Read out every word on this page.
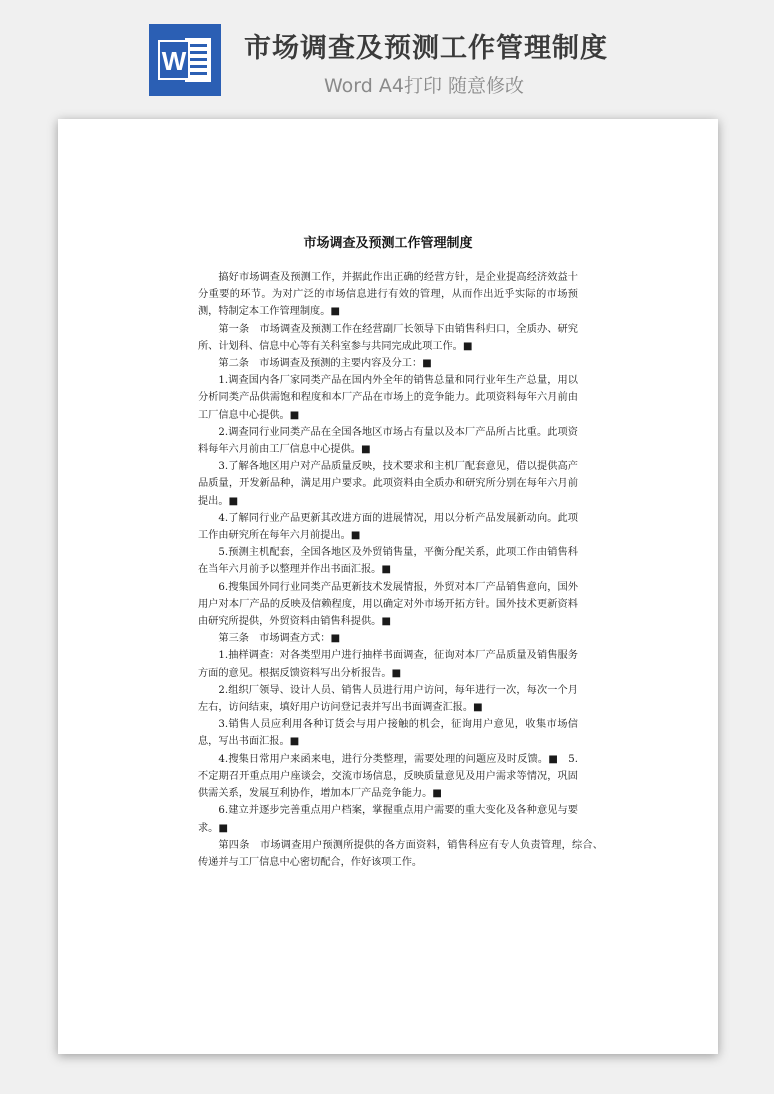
W 市场调查及预测工作管理制度
Word A4打印 随意修改
市场调查及预测工作管理制度

搞好市场调查及预测工作，并据此作出正确的经营方针，是企业提高经济效益十分重要的环节。为对广泛的市场信息进行有效的管理，从而作出近乎实际的市场预测，特制定本工作管理制度。■

第一条　市场调查及预测工作在经营副厂长领导下由销售科归口，全质办、研究所、计划科、信息中心等有关科室参与共同完成此项工作。■

第二条　市场调查及预测的主要内容及分工：■

1.调查国内各厂家同类产品在国内外全年的销售总量和同行业年生产总量，用以分析同类产品供需饱和程度和本厂产品在市场上的竞争能力。此项资料每年六月前由工厂信息中心提供。■

2.调查同行业同类产品在全国各地区市场占有量以及本厂产品所占比重。此项资料每年六月前由工厂信息中心提供。■

3.了解各地区用户对产品质量反映，技术要求和主机厂配套意见，借以提供高产品质量，开发新品种，满足用户要求。此项资料由全质办和研究所分别在每年六月前提出。■

4.了解同行业产品更新其改进方面的进展情况，用以分析产品发展新动向。此项工作由研究所在每年六月前提出。■

5.预测主机配套，全国各地区及外贸销售量，平衡分配关系，此项工作由销售科在当年六月前予以整理并作出书面汇报。■

6.搜集国外同行业同类产品更新技术发展情报，外贸对本厂产品销售意向，国外用户对本厂产品的反映及信赖程度，用以确定对外市场开拓方针。国外技术更新资料由研究所提供，外贸资料由销售科提供。■

第三条　市场调查方式：■

1.抽样调查：对各类型用户进行抽样书面调查，征询对本厂产品质量及销售服务方面的意见。根据反馈资料写出分析报告。■

2.组织厂领导、设计人员、销售人员进行用户访问，每年进行一次，每次一个月左右，访问结束，填好用户访问登记表并写出书面调查汇报。■

3.销售人员应利用各种订货会与用户接触的机会，征询用户意见，收集市场信息，写出书面汇报。■

4.搜集日常用户来函来电，进行分类整理，需要处理的问题应及时反馈。■　5.不定期召开重点用户座谈会，交流市场信息，反映质量意见及用户需求等情况，巩固供需关系，发展互利协作，增加本厂产品竞争能力。■

6.建立并逐步完善重点用户档案，掌握重点用户需要的重大变化及各种意见与要求。■

第四条　市场调查用户预测所提供的各方面资料，销售科应有专人负责管理，综合、传递并与工厂信息中心密切配合，作好该项工作。
